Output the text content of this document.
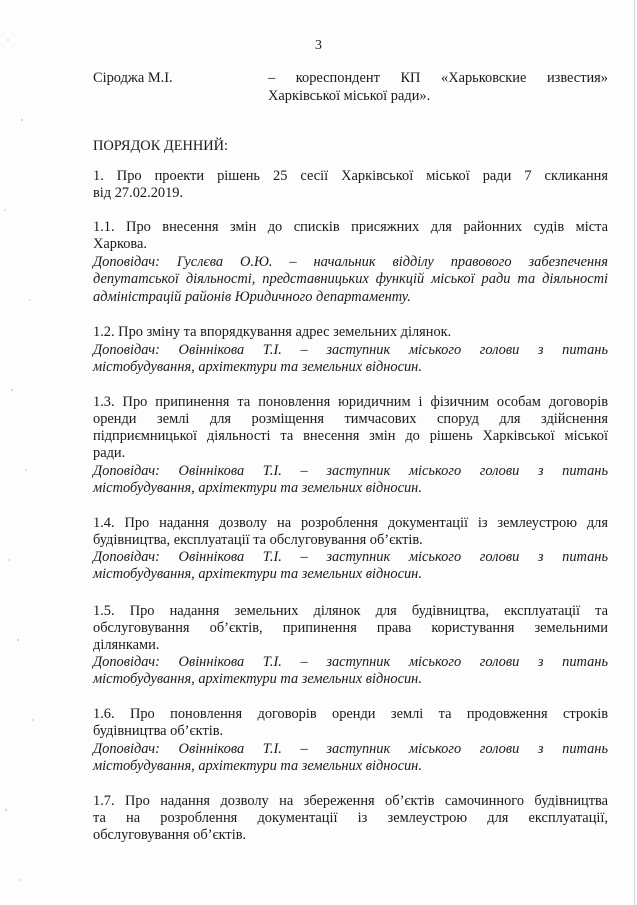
3
Сіроджа М.І.	– кореспондент КП «Харьковские известия»
Харківської міської ради».
ПОРЯДОК ДЕННИЙ:
1. Про проекти рішень 25 сесії Харківської міської ради 7 скликання
від 27.02.2019.
1.1. Про внесення змін до списків присяжних для районних судів міста
Харкова.
Доповідач: Гуслєва О.Ю. – начальник відділу правового забезпечення
депутатської діяльності, представницьких функцій міської ради та діяльності
адміністрацій районів Юридичного департаменту.
1.2. Про зміну та впорядкування адрес земельних ділянок.
Доповідач: Овіннікова Т.І. – заступник міського голови з питань
містобудування, архітектури та земельних відносин.
1.3. Про припинення та поновлення юридичним і фізичним особам договорів
оренди землі для розміщення тимчасових споруд для здійснення
підприємницької діяльності та внесення змін до рішень Харківської міської
ради.
Доповідач: Овіннікова Т.І. – заступник міського голови з питань
містобудування, архітектури та земельних відносин.
1.4. Про надання дозволу на розроблення документації із землеустрою для
будівництва, експлуатації та обслуговування об’єктів.
Доповідач: Овіннікова Т.І. – заступник міського голови з питань
містобудування, архітектури та земельних відносин.
1.5. Про надання земельних ділянок для будівництва, експлуатації та
обслуговування об’єктів, припинення права користування земельними
ділянками.
Доповідач: Овіннікова Т.І. – заступник міського голови з питань
містобудування, архітектури та земельних відносин.
1.6. Про поновлення договорів оренди землі та продовження строків
будівництва об’єктів.
Доповідач: Овіннікова Т.І. – заступник міського голови з питань
містобудування, архітектури та земельних відносин.
1.7. Про надання дозволу на збереження об’єктів самочинного будівництва
та на розроблення документації із землеустрою для експлуатації,
обслуговування об’єктів.
